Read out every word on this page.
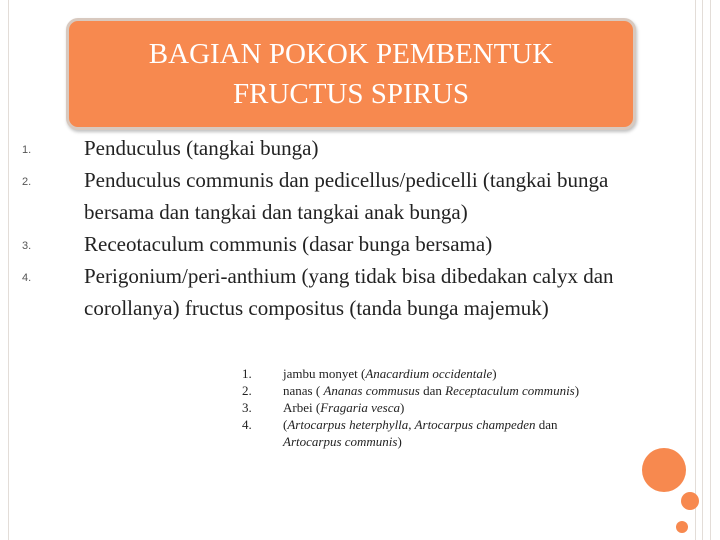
BAGIAN POKOK PEMBENTUK
FRUCTUS SPIRUS
1.	Penduculus (tangkai bunga)
2.	Penduculus communis dan pedicellus/pedicelli (tangkai bunga bersama dan tangkai dan tangkai anak bunga)
3.	Receotaculum communis (dasar bunga bersama)
4.	Perigonium/peri-anthium (yang tidak bisa dibedakan calyx dan corollanya) fructus compositus (tanda bunga majemuk)
1. jambu monyet (Anacardium occidentale)
2. nanas ( Ananas commusus dan Receptaculum communis)
3. Arbei (Fragaria vesca)
4. (Artocarpus heterphylla, Artocarpus champeden dan Artocarpus communis)
